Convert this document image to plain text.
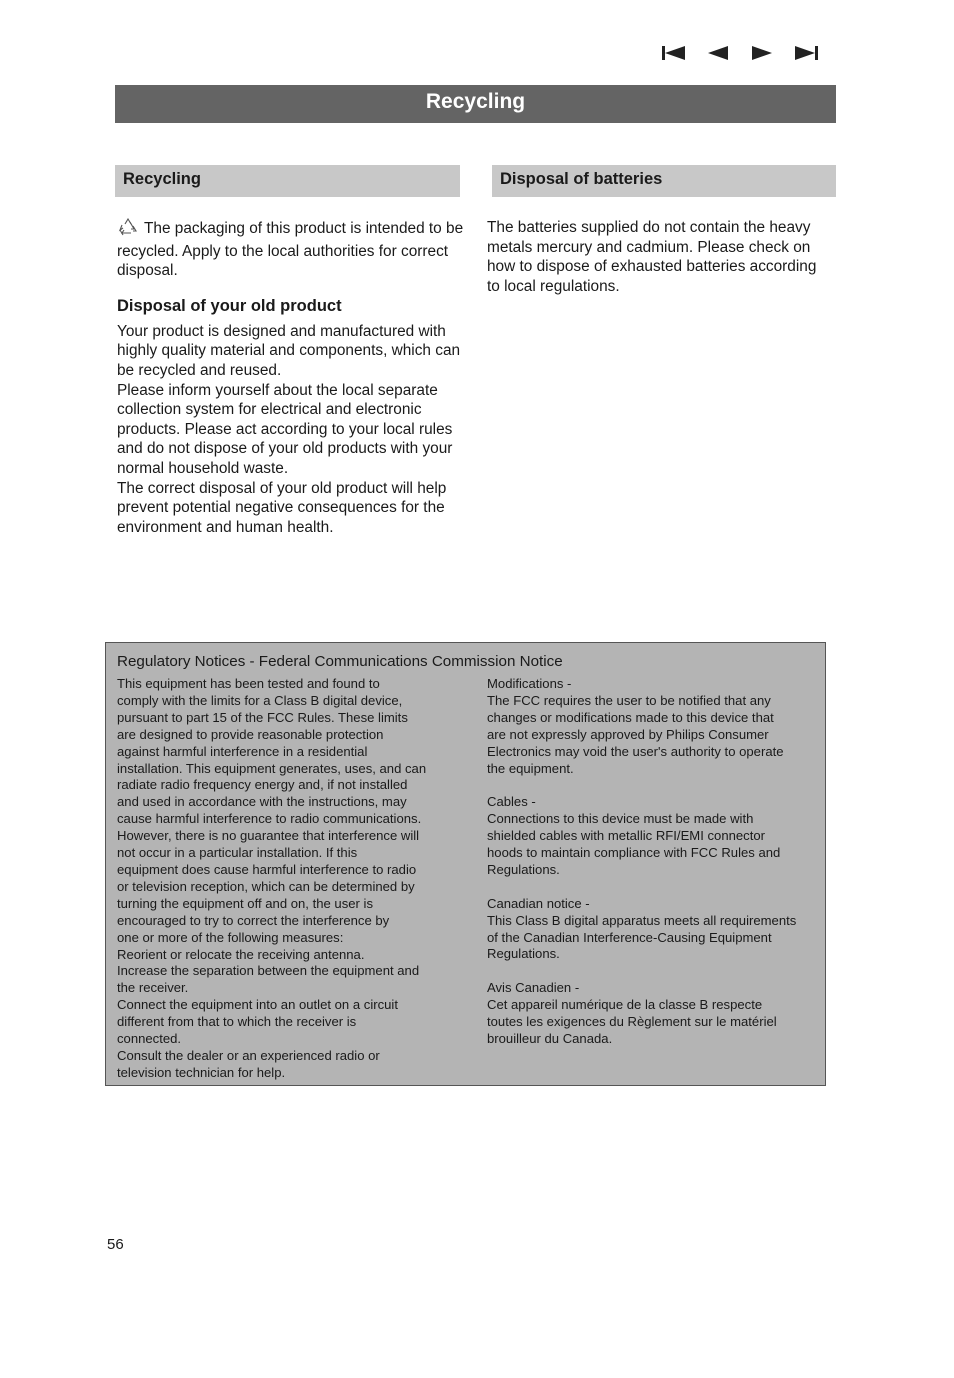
Recycling
Recycling	Disposal of batteries

The packaging of this product is intended to be recycled. Apply to the local authorities for correct disposal.

Disposal of your old product

Your product is designed and manufactured with highly quality material and components, which can be recycled and reused.

Please inform yourself about the local separate collection system for electrical and electronic products. Please act according to your local rules and do not dispose of your old products with your normal household waste.

The correct disposal of your old product will help prevent potential negative consequences for the environment and human health.

The batteries supplied do not contain the heavy metals mercury and cadmium. Please check on how to dispose of exhausted batteries according to local regulations.

Regulatory Notices - Federal Communications Commission Notice

This equipment has been tested and found to

comply with the limits for a Class B digital device,

pursuant to part 15 of the FCC Rules. These limits

are designed to provide reasonable protection

against harmful interference in a residential

installation. This equipment generates, uses, and can

radiate radio frequency energy and, if not installed

and used in accordance with the instructions, may

cause harmful interference to radio communications.

However, there is no guarantee that interference will

not occur in a particular installation. If this

equipment does cause harmful interference to radio

or television reception, which can be determined by

turning the equipment off and on, the user is

encouraged to try to correct the interference by

one or more of the following measures:

Reorient or relocate the receiving antenna.

Increase the separation between the equipment and

the receiver.

Connect the equipment into an outlet on a circuit

different from that to which the receiver is

connected.

Consult the dealer or an experienced radio or

television technician for help.

Modifications -

The FCC requires the user to be notified that any

changes or modifications made to this device that

are not expressly approved by Philips Consumer

Electronics may void the user's authority to operate

the equipment.

Cables -

Connections to this device must be made with

shielded cables with metallic RFI/EMI connector

hoods to maintain compliance with FCC Rules and

Regulations.

Canadian notice -

This Class B digital apparatus meets all requirements

of the Canadian Interference-Causing Equipment

Regulations.

Avis Canadien -

Cet appareil numérique de la classe B respecte

toutes les exigences du Règlement sur le matériel

brouilleur du Canada.

56
